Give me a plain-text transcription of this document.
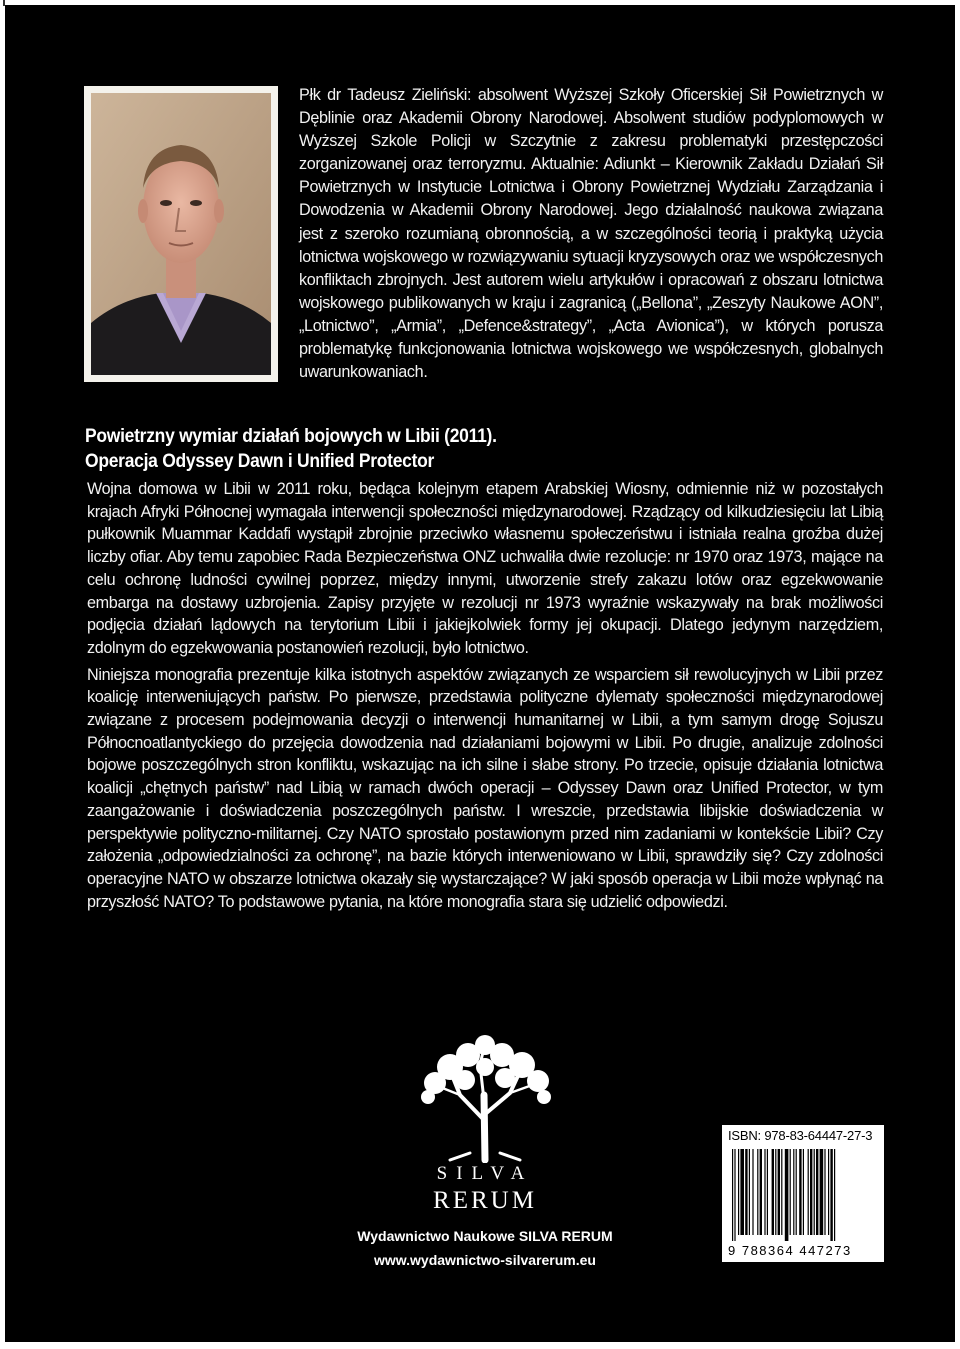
Płk dr Tadeusz Zieliński: absolwent Wyższej Szkoły Oficerskiej Sił Powietrznych w Dęblinie oraz Akademii Obrony Narodowej. Absolwent studiów podyplomowych w Wyższej Szkole Policji w Szczytnie z zakresu problematyki przestępczości zorganizowanej oraz terroryzmu. Aktualnie: Adiunkt – Kierownik Zakładu Działań Sił Powietrznych w Instytucie Lotnictwa i Obrony Powietrznej Wydziału Zarządzania i Dowodzenia w Akademii Obrony Narodowej. Jego działalność naukowa związana jest z szeroko rozumianą obronnością, a w szczególności teorią i praktyką użycia lotnictwa wojskowego w rozwiązywaniu sytuacji kryzysowych oraz we współczesnych konfliktach zbrojnych. Jest autorem wielu artykułów i opracowań z obszaru lotnictwa wojskowego publikowanych w kraju i zagranicą („Bellona”, „Zeszyty Naukowe AON”, „Lotnictwo”, „Armia”, „Defence&strategy”, „Acta Avionica”), w których porusza problematykę funkcjonowania lotnictwa wojskowego we współczesnych, globalnych uwarunkowaniach.

Powietrzny wymiar działań bojowych w Libii (2011).
Operacja Odyssey Dawn i Unified Protector

Wojna domowa w Libii w 2011 roku, będąca kolejnym etapem Arabskiej Wiosny, odmiennie niż w pozostałych krajach Afryki Północnej wymagała interwencji społeczności międzynarodowej. Rządzący od kilkudziesięciu lat Libią pułkownik Muammar Kaddafi wystąpił zbrojnie przeciwko własnemu społeczeństwu i istniała realna groźba dużej liczby ofiar. Aby temu zapobiec Rada Bezpieczeństwa ONZ uchwaliła dwie rezolucje: nr 1970 oraz 1973, mające na celu ochronę ludności cywilnej poprzez, między innymi, utworzenie strefy zakazu lotów oraz egzekwowanie embarga na dostawy uzbrojenia. Zapisy przyjęte w rezolucji nr 1973 wyraźnie wskazywały na brak możliwości podjęcia działań lądowych na terytorium Libii i jakiejkolwiek formy jej okupacji. Dlatego jedynym narzędziem, zdolnym do egzekwowania postanowień rezolucji, było lotnictwo.

Niniejsza monografia prezentuje kilka istotnych aspektów związanych ze wsparciem sił rewolucyjnych w Libii przez koalicję interweniujących państw. Po pierwsze, przedstawia polityczne dylematy społeczności międzynarodowej związane z procesem podejmowania decyzji o interwencji humanitarnej w Libii, a tym samym drogę Sojuszu Północnoatlantyckiego do przejęcia dowodzenia nad działaniami bojowymi w Libii. Po drugie, analizuje zdolności bojowe poszczególnych stron konfliktu, wskazując na ich silne i słabe strony. Po trzecie, opisuje działania lotnictwa koalicji „chętnych państw” nad Libią w ramach dwóch operacji – Odyssey Dawn oraz Unified Protector, w tym zaangażowanie i doświadczenia poszczególnych państw. I wreszcie, przedstawia libijskie doświadczenia w perspektywie polityczno-militarnej. Czy NATO sprostało postawionym przed nim zadaniami w kontekście Libii? Czy założenia „odpowiedzialności za ochronę”, na bazie których interweniowano w Libii, sprawdziły się? Czy zdolności operacyjne NATO w obszarze lotnictwa okazały się wystarczające? W jaki sposób operacja w Libii może wpłynąć na przyszłość NATO? To podstawowe pytania, na które monografia stara się udzielić odpowiedzi.

SILVA
RERUM
Wydawnictwo Naukowe SILVA RERUM
www.wydawnictwo-silvarerum.eu
ISBN: 978-83-64447-27-3
9 788364 447273
